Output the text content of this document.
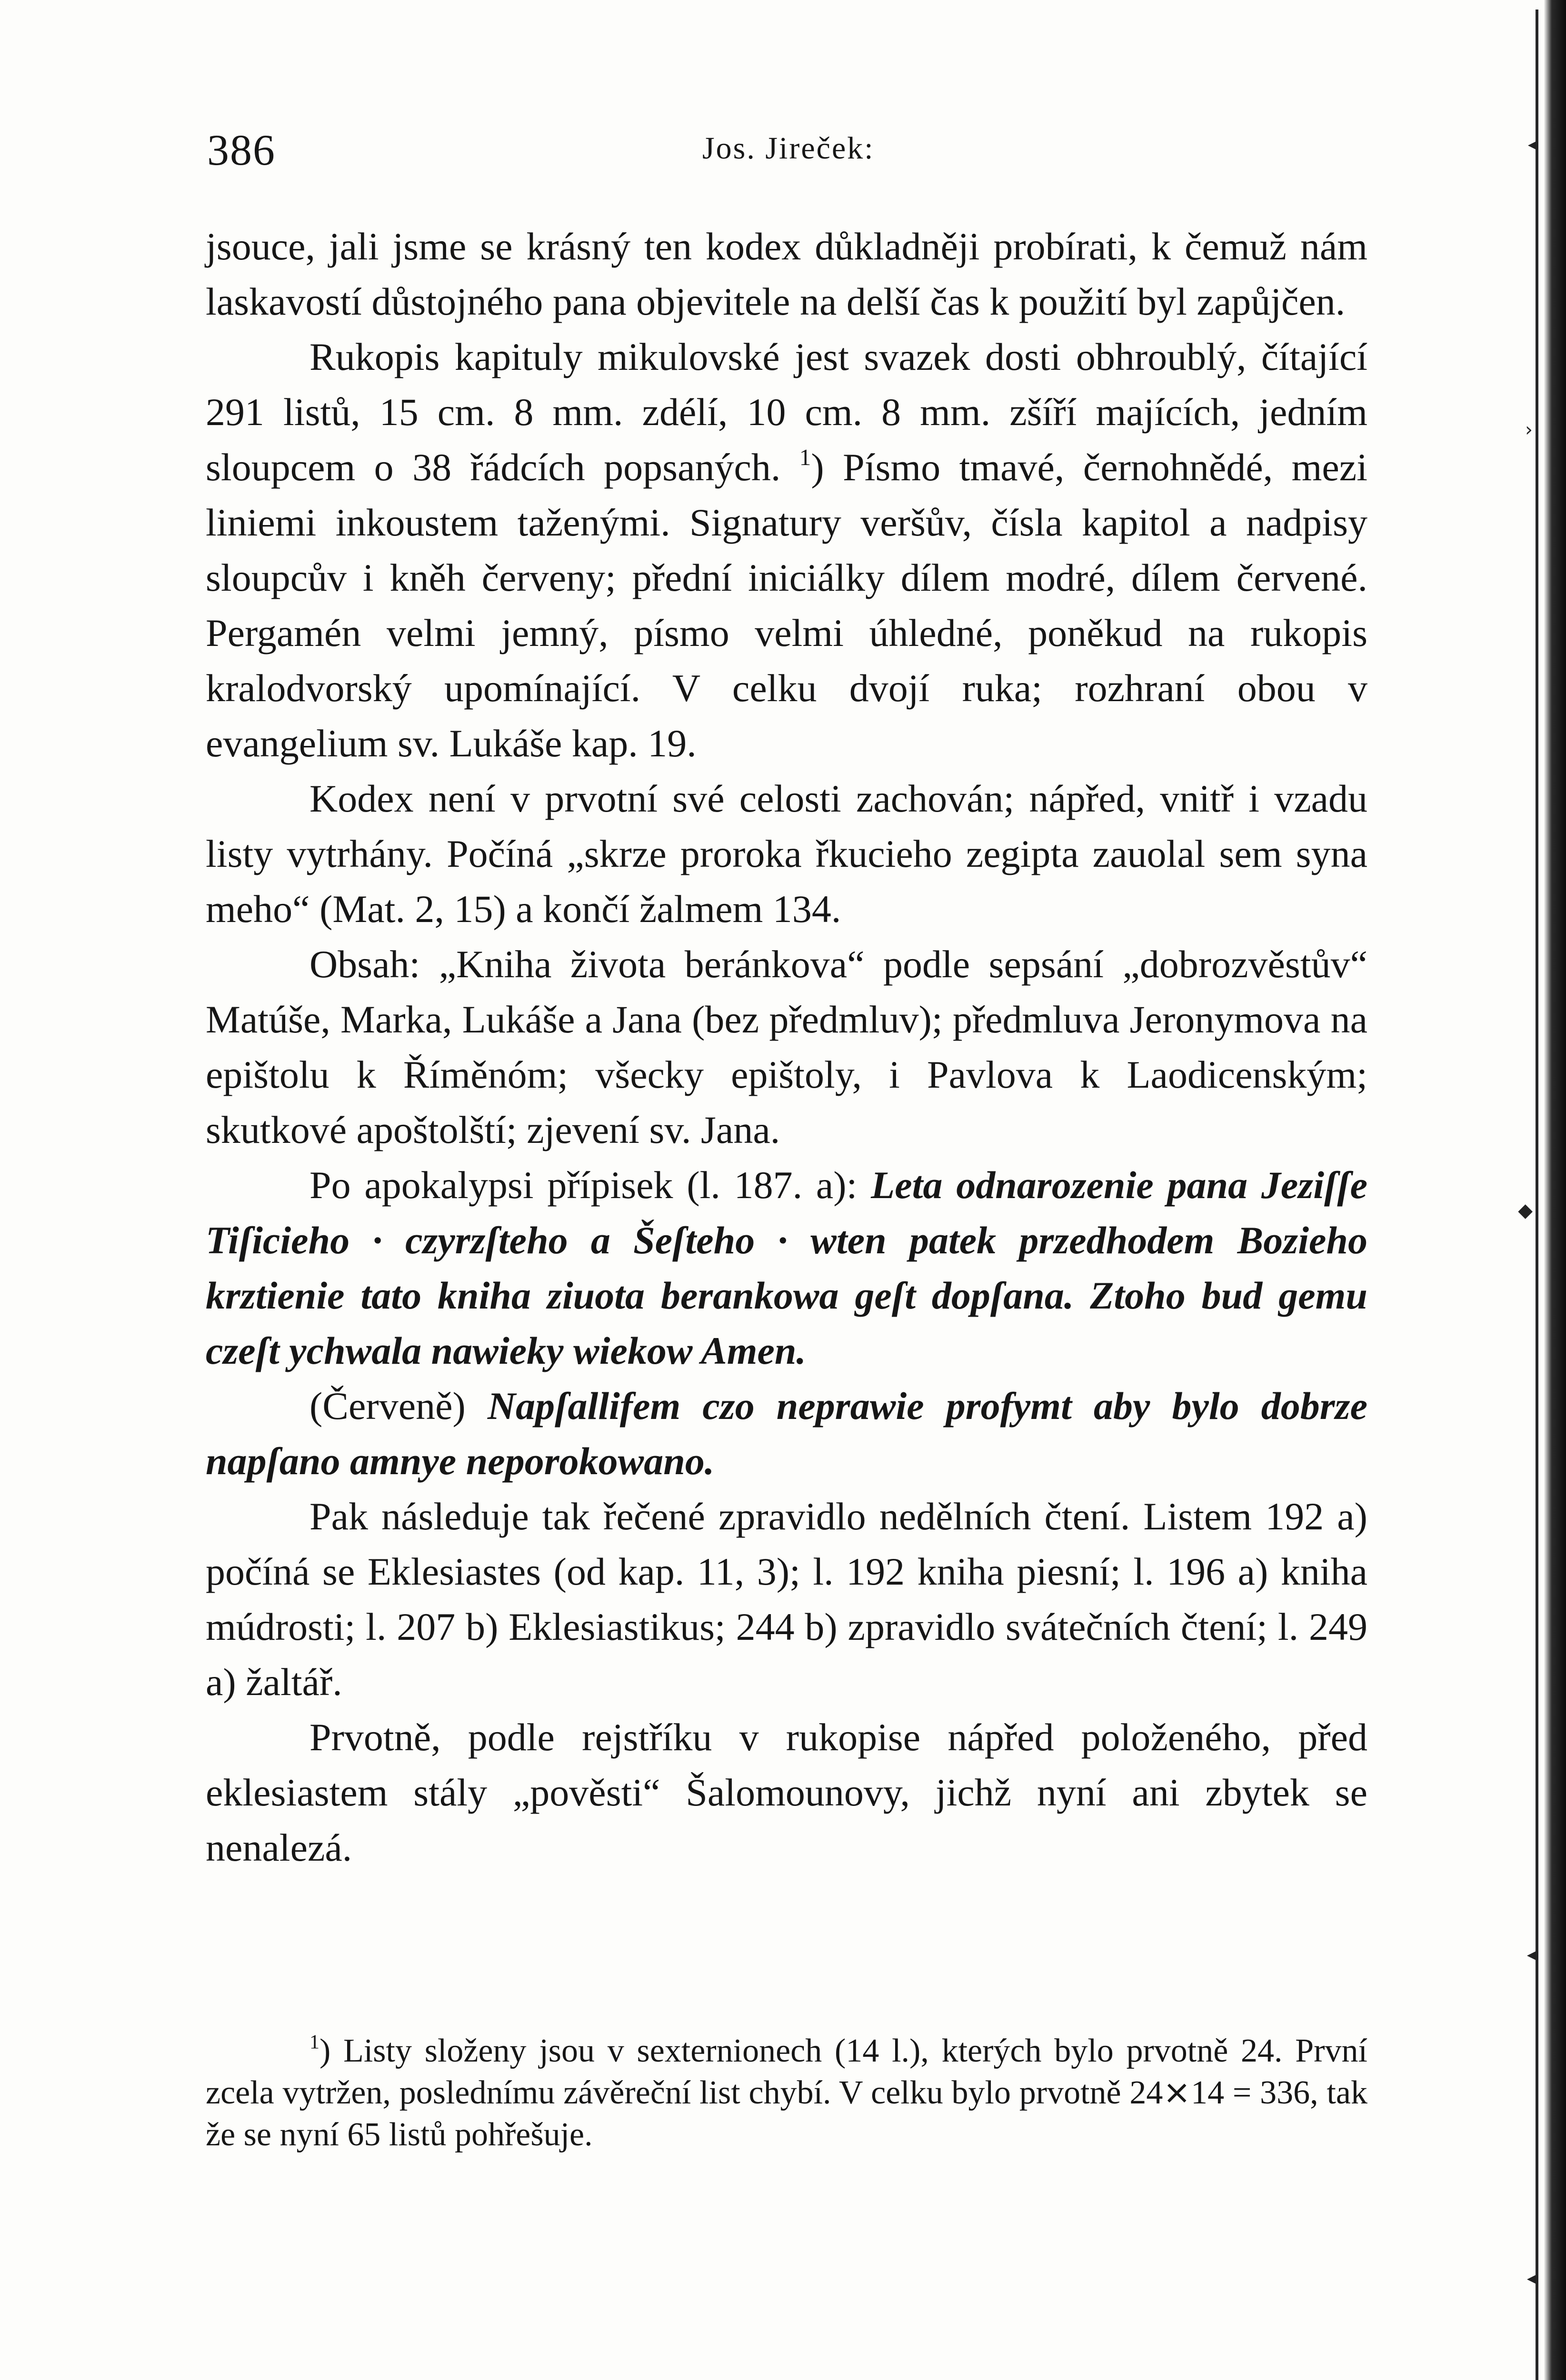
386	Jos. Jireček:

jsouce, jali jsme se krásný ten kodex důkladněji probírati, k čemuž nám laskavostí důstojného pana objevitele na delší čas k použití byl zapůjčen.

Rukopis kapituly mikulovské jest svazek dosti obhroublý, čítající 291 listů, 15 cm. 8 mm. zdélí, 10 cm. 8 mm. zšíří majících, jedním sloupcem o 38 řádcích popsaných. $^1$) Písmo tmavé, černohnědé, mezi liniemi inkoustem taženými. Signatury veršův, čísla kapitol a nadpisy sloupcův i kněh červeny; přední iniciálky dílem modré, dílem červené. Pergamén velmi jemný, písmo velmi úhledné, poněkud na rukopis kralodvorský upomínající. V celku dvojí ruka; rozhraní obou v evangelium sv. Lukáše kap. 19.

Kodex není v prvotní své celosti zachován; nápřed, vnitř i vzadu listy vytrhány. Počíná „skrze proroka řkucieho zegipta zauolal sem syna meho“ (Mat. 2, 15) a končí žalmem 134.

Obsah: „Kniha života beránkova“ podle sepsání „dobrozvěstův“ Matúše, Marka, Lukáše a Jana (bez předmluv); předmluva Jeronymova na epištolu k Říměnóm; všecky epištoly, i Pavlova k Laodicenským; skutkové apoštolští; zjevení sv. Jana.

Po apokalypsi přípisek (l. 187. a): Leta odnarozenie pana Jeziſſe Tiſicieho · czyrzſteho a Šeſteho · wten patek przedhodem Bozieho krztienie tato kniha ziuota berankowa geſt dopſana. Ztoho bud gemu czeſt ychwala nawieky wiekow Amen.

(Červeně) Napſallifem czo neprawie profymt aby bylo dobrze napſano amnye neporokowano.

Pak následuje tak řečené zpravidlo nedělních čtení. Listem 192 a) počíná se Eklesiastes (od kap. 11, 3); l. 192 kniha piesní; l. 196 a) kniha múdrosti; l. 207 b) Eklesiastikus; 244 b) zpravidlo svátečních čtení; l. 249 a) žaltář.

Prvotně, podle rejstříku v rukopise nápřed položeného, před eklesiastem stály „pověsti“ Šalomounovy, jichž nyní ani zbytek se nenalezá.

$^1$) Listy složeny jsou v sexternionech (14 l.), kterých bylo prvotně 24. První zcela vytržen, poslednímu závěreční list chybí. V celku bylo prvotně 24⨯14 = 336, tak že se nyní 65 listů pohřešuje.

◂
›
◆
◂
◂
